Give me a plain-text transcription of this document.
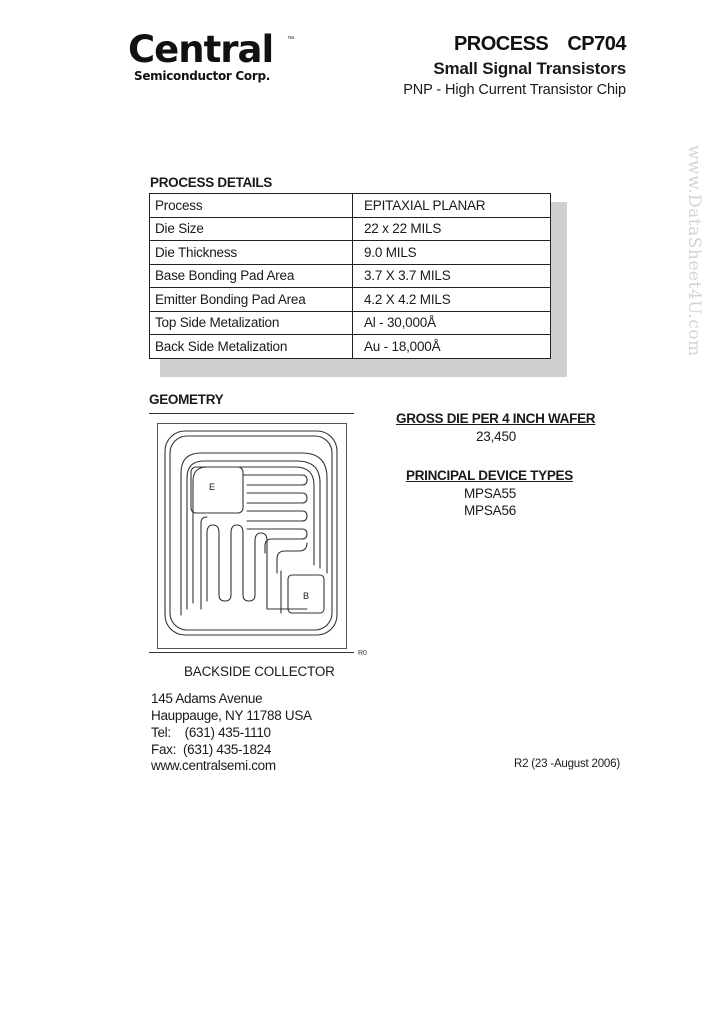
Central ™
Semiconductor Corp.
PROCESS CP704
Small Signal Transistors
PNP - High Current Transistor Chip
www.DataSheet4U.com
PROCESS DETAILS
Process	EPITAXIAL PLANAR
Die Size	22 x 22 MILS
Die Thickness	9.0 MILS
Base Bonding Pad Area	3.7 X 3.7 MILS
Emitter Bonding Pad Area	4.2 X 4.2 MILS
Top Side Metalization	Al - 30,000Å
Back Side Metalization	Au - 18,000Å
GEOMETRY
E
B
R0
BACKSIDE COLLECTOR
GROSS DIE PER 4 INCH WAFER
23,450
PRINCIPAL DEVICE TYPES
MPSA55
MPSA56
145 Adams Avenue
Hauppauge, NY 11788 USA
Tel: (631) 435-1110
Fax: (631) 435-1824
www.centralsemi.com	R2 (23 -August 2006)
